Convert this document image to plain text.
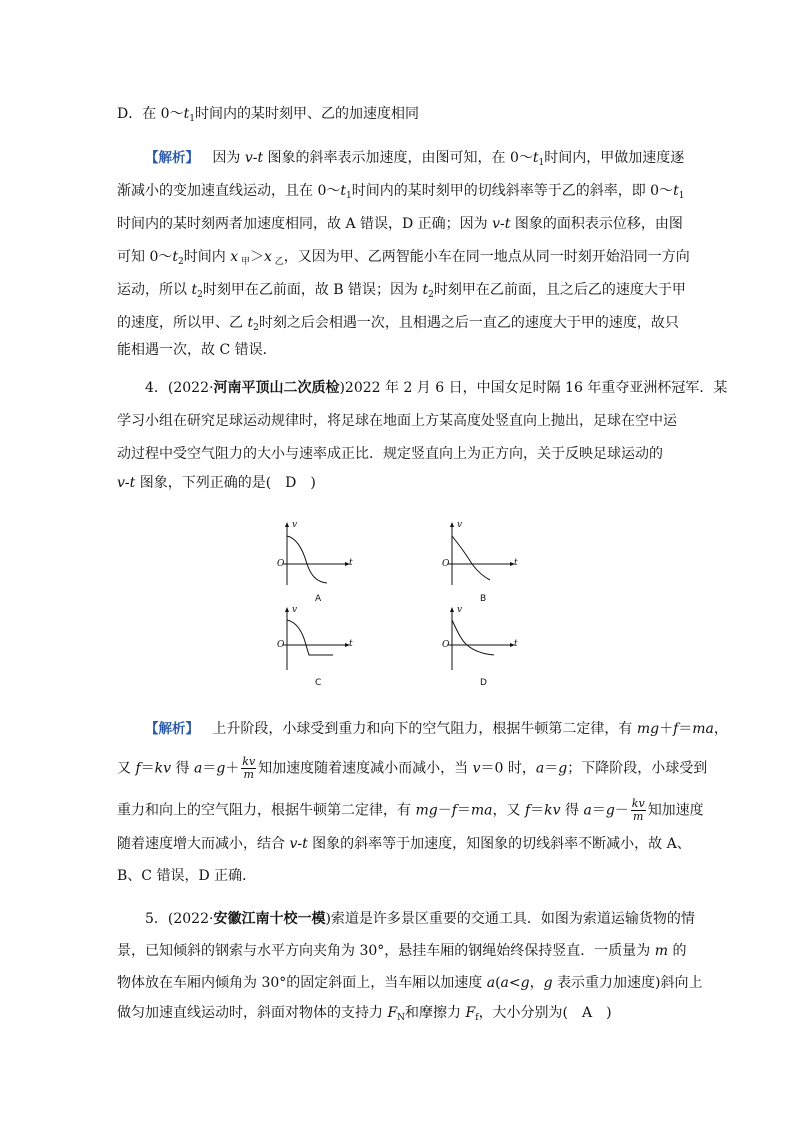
D．在 $0\sim t_1$时间内的某时刻甲、乙的加速度相同
【解析】 因为 v-t 图象的斜率表示加速度，由图可知，在 $0\sim t_1$时间内，甲做加速度逐
渐减小的变加速直线运动，且在 $0\sim t_1$时间内的某时刻甲的切线斜率等于乙的斜率，即 $0\sim t_1$
时间内的某时刻两者加速度相同，故 A 错误，D 正确；因为 v-t 图象的面积表示位移，由图
可知 $0\sim t_2$时间内 x $_甲$＞x $_乙$，又因为甲、乙两智能小车在同一地点从同一时刻开始沿同一方向
运动，所以 $t_2$时刻甲在乙前面，故 B 错误；因为 $t_2$时刻甲在乙前面，且之后乙的速度大于甲
的速度，所以甲、乙 $t_2$时刻之后会相遇一次，且相遇之后一直乙的速度大于甲的速度，故只
能相遇一次，故 C 错误．
4．(2022·河南平顶山二次质检)2022 年 2 月 6 日，中国女足时隔 16 年重夺亚洲杯冠军．某
学习小组在研究足球运动规律时，将足球在地面上方某高度处竖直向上抛出，足球在空中运
动过程中受空气阻力的大小与速率成正比．规定竖直向上为正方向，关于反映足球运动的
v-t 图象，下列正确的是(　D　)
v
t
O
A
v
t
O
B
v
t
O
C
v
t
O
D
【解析】 上升阶段，小球受到重力和向下的空气阻力，根据牛顿第二定律，有 mg＋f＝ma，
又 f＝kv 得 $a=g+ \frac{kv}{m}$ 知加速度随着速度减小而减小，当 v＝0 时，a＝g；下降阶段，小球受到
重力和向上的空气阻力，根据牛顿第二定律，有 mg－f＝ma，又 f＝kv 得 $a=g- \frac{kv}{m}$ 知加速度
随着速度增大而减小，结合 v-t 图象的斜率等于加速度，知图象的切线斜率不断减小，故 A、
B、C 错误，D 正确．
5．(2022·安徽江南十校一模)索道是许多景区重要的交通工具．如图为索道运输货物的情
景，已知倾斜的钢索与水平方向夹角为 30°，悬挂车厢的钢绳始终保持竖直．一质量为 m 的
物体放在车厢内倾角为 30°的固定斜面上，当车厢以加速度 a(a<g，g 表示重力加速度)斜向上
做匀加速直线运动时，斜面对物体的支持力 $F_N$和摩擦力 $F_f$，大小分别为(　A　)
